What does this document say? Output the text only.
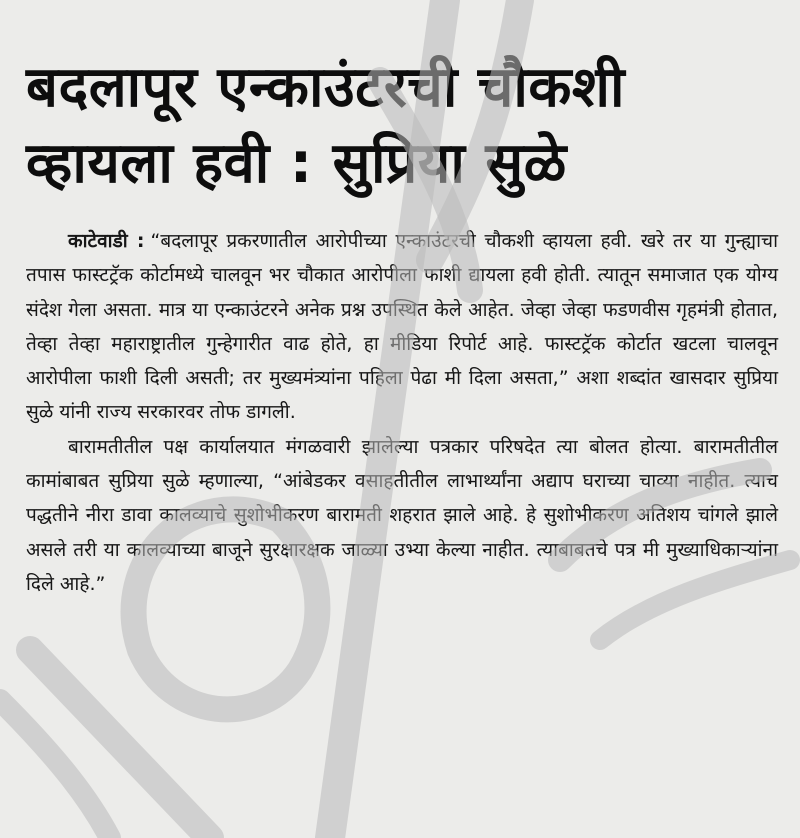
बदलापूर एन्काउंटरची चौकशी
व्हायला हवी : सुप्रिया सुळे

काटेवाडी : “बदलापूर प्रकरणातील आरोपीच्या एन्काउंटरची चौकशी व्हायला हवी. खरे तर या गुन्ह्याचा तपास फास्टट्रॅक कोर्टामध्ये चालवून भर चौकात आरोपीला फाशी द्यायला हवी होती. त्यातून समाजात एक योग्य संदेश गेला असता. मात्र या एन्काउंटरने अनेक प्रश्न उपस्थित केले आहेत. जेव्हा जेव्हा फडणवीस गृहमंत्री होतात, तेव्हा तेव्हा महाराष्ट्रातील गुन्हेगारीत वाढ होते, हा मीडिया रिपोर्ट आहे. फास्टट्रॅक कोर्टात खटला चालवून आरोपीला फाशी दिली असती; तर मुख्यमंत्र्यांना पहिला पेढा मी दिला असता,” अशा शब्दांत खासदार सुप्रिया सुळे यांनी राज्य सरकारवर तोफ डागली.

बारामतीतील पक्ष कार्यालयात मंगळवारी झालेल्या पत्रकार परिषदेत त्या बोलत होत्या. बारामतीतील कामांबाबत सुप्रिया सुळे म्हणाल्या, “आंबेडकर वसाहतीतील लाभार्थ्यांना अद्याप घराच्या चाव्या नाहीत. त्याच पद्धतीने नीरा डावा कालव्याचे सुशोभीकरण बारामती शहरात झाले आहे. हे सुशोभीकरण अतिशय चांगले झाले असले तरी या कालव्याच्या बाजूने सुरक्षारक्षक जाळ्या उभ्या केल्या नाहीत. त्याबाबतचे पत्र मी मुख्याधिकाऱ्यांना दिले आहे.”
